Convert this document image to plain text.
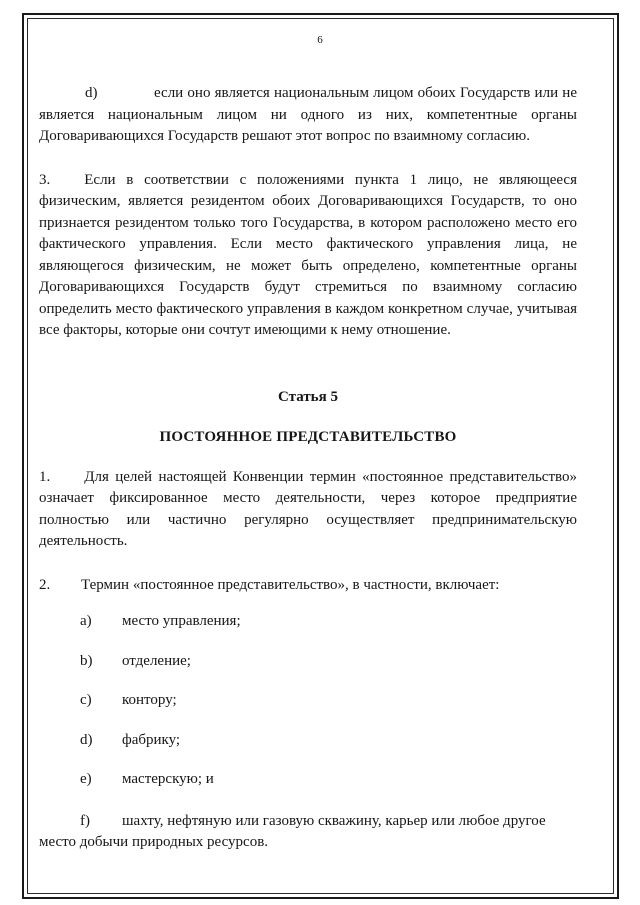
6

d)	если оно является национальным лицом обоих Государств или не является национальным лицом ни одного из них, компетентные органы Договаривающихся Государств решают этот вопрос по взаимному согласию.

3. Если в соответствии с положениями пункта 1 лицо, не являющееся физическим, является резидентом обоих Договаривающихся Государств, то оно признается резидентом только того Государства, в котором расположено место его фактического управления. Если место фактического управления лица, не являющегося физическим, не может быть определено, компетентные органы Договаривающихся Государств будут стремиться по взаимному согласию определить место фактического управления в каждом конкретном случае, учитывая все факторы, которые они сочтут имеющими к нему отношение.

Статья 5
ПОСТОЯННОЕ ПРЕДСТАВИТЕЛЬСТВО

1. Для целей настоящей Конвенции термин «постоянное представительство» означает фиксированное место деятельности, через которое предприятие полностью или частично регулярно осуществляет предпринимательскую деятельность.

2. Термин «постоянное представительство», в частности, включает:

a) место управления;
b) отделение;
c) контору;
d) фабрику;
e) мастерскую; и
f) шахту, нефтяную или газовую скважину, карьер или любое другое
место добычи природных ресурсов.
